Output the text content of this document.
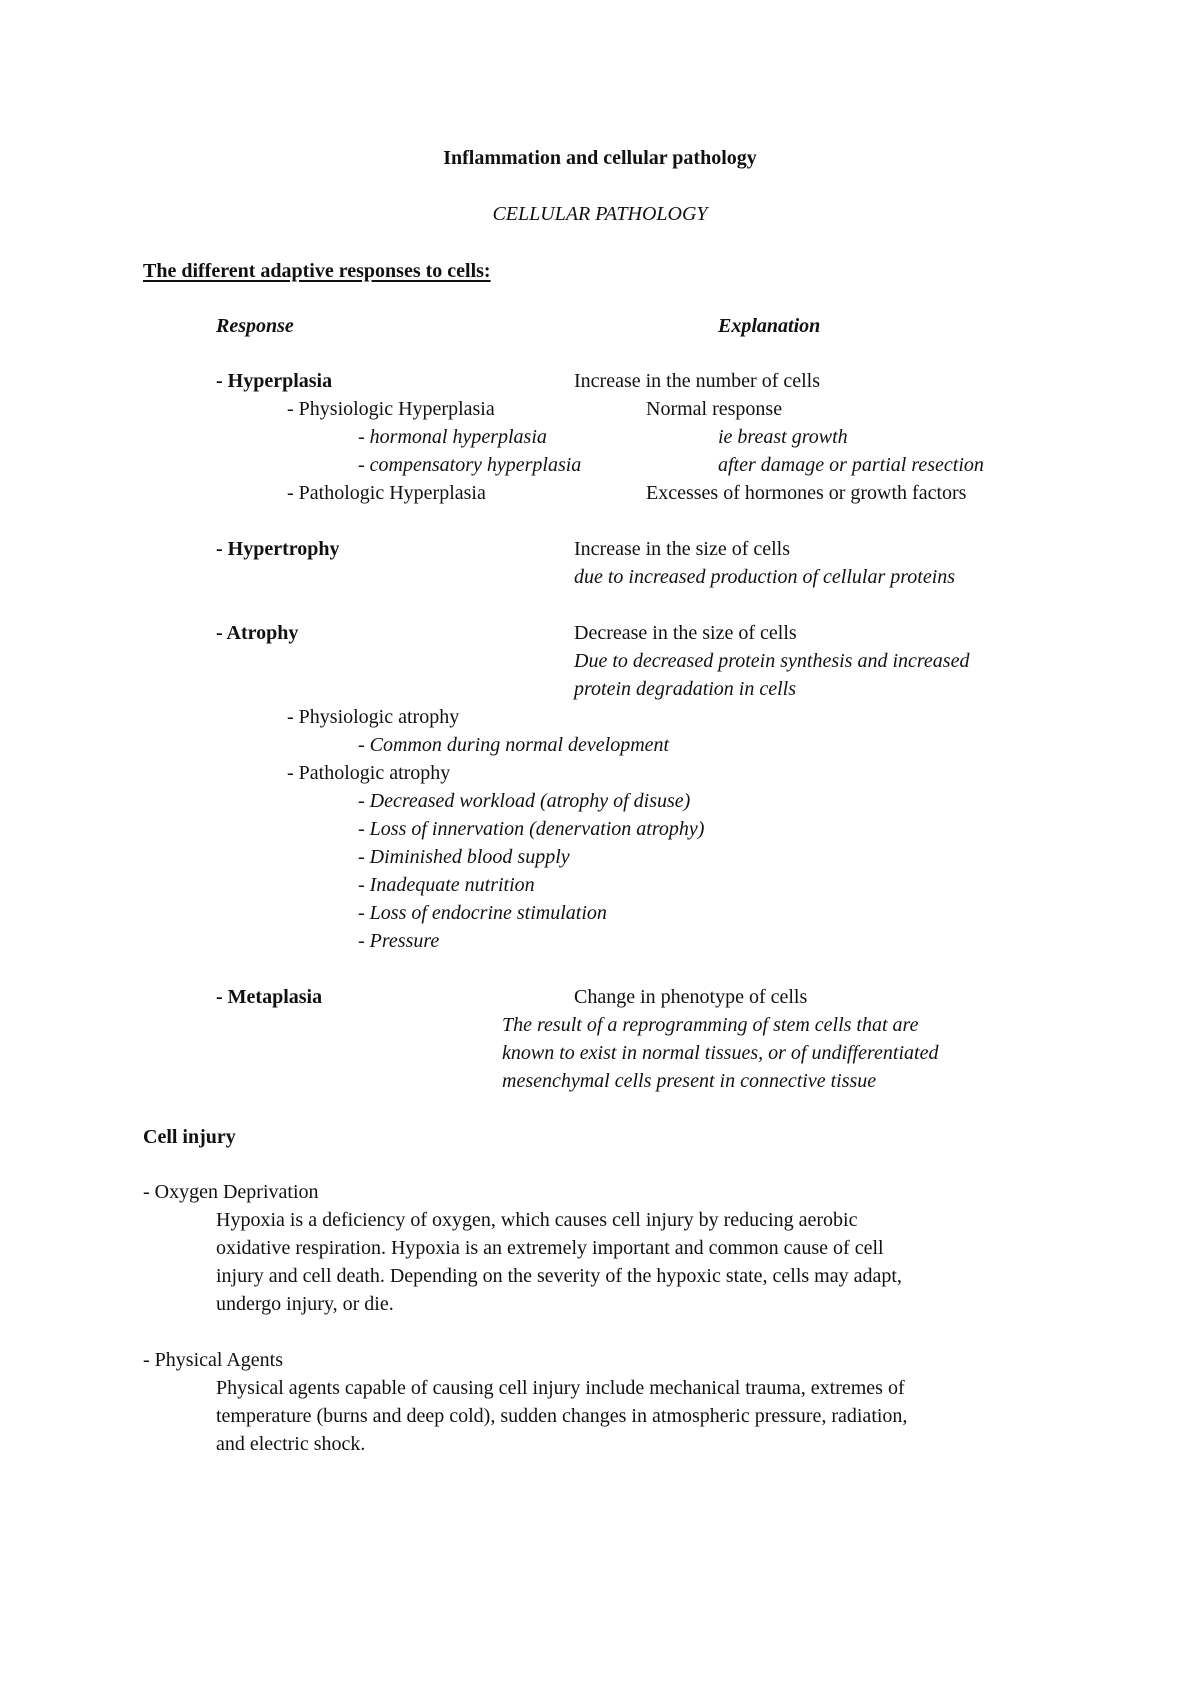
Inflammation and cellular pathology
CELLULAR PATHOLOGY
The different adaptive responses to cells:
Response	Explanation
- Hyperplasia	Increase in the number of cells
- Physiologic Hyperplasia	Normal response
- hormonal hyperplasia	ie breast growth
- compensatory hyperplasia	after damage or partial resection
- Pathologic Hyperplasia	Excesses of hormones or growth factors
- Hypertrophy	Increase in the size of cells
due to increased production of cellular proteins
- Atrophy	Decrease in the size of cells
Due to decreased protein synthesis and increased
protein degradation in cells
- Physiologic atrophy
- Common during normal development
- Pathologic atrophy
- Decreased workload (atrophy of disuse)
- Loss of innervation (denervation atrophy)
- Diminished blood supply
- Inadequate nutrition
- Loss of endocrine stimulation
- Pressure
- Metaplasia	Change in phenotype of cells
The result of a reprogramming of stem cells that are
known to exist in normal tissues, or of undifferentiated
mesenchymal cells present in connective tissue
Cell injury
- Oxygen Deprivation
Hypoxia is a deficiency of oxygen, which causes cell injury by reducing aerobic
oxidative respiration. Hypoxia is an extremely important and common cause of cell
injury and cell death. Depending on the severity of the hypoxic state, cells may adapt,
undergo injury, or die.
- Physical Agents
Physical agents capable of causing cell injury include mechanical trauma, extremes of
temperature (burns and deep cold), sudden changes in atmospheric pressure, radiation,
and electric shock.
